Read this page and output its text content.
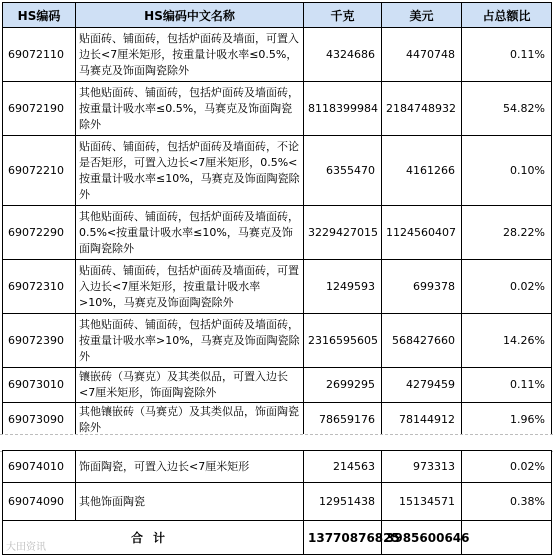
HS编码	HS编码中文名称	千克	美元	占总额比
69072110	贴面砖、铺面砖，包括炉面砖及墙面，可置入边长<7厘米矩形，按重量计吸水率≤0.5%，马赛克及饰面陶瓷除外	4324686	4470748	0.11%
69072190	其他贴面砖、铺面砖，包括炉面砖及墙面砖，按重量计吸水率≤0.5%，马赛克及饰面陶瓷除外	8118399984	2184748932	54.82%
69072210	贴面砖、铺面砖，包括炉面砖及墙面砖，不论是否矩形，可置入边长<7厘米矩形，0.5%<按重量计吸水率≤10%，马赛克及饰面陶瓷除外	6355470	4161266	0.10%
69072290	其他贴面砖、铺面砖，包括炉面砖及墙面砖，0.5%<按重量计吸水率≤10%，马赛克及饰面陶瓷除外	3229427015	1124560407	28.22%
69072310	贴面砖、铺面砖，包括炉面砖及墙面砖，可置入边长<7厘米矩形，按重量计吸水率>10%，马赛克及饰面陶瓷除外	1249593	699378	0.02%
69072390	其他贴面砖、铺面砖，包括炉面砖及墙面砖，按重量计吸水率>10%，马赛克及饰面陶瓷除外	2316595605	568427660	14.26%
69073010	镶嵌砖（马赛克）及其类似品，可置入边长<7厘米矩形，饰面陶瓷除外	2699295	4279459	0.11%
69073090	其他镶嵌砖（马赛克）及其类似品，饰面陶瓷除外	78659176	78144912	1.96%
69074010	饰面陶瓷，可置入边长<7厘米矩形	214563	973313	0.02%
69074090	其他饰面陶瓷	12951438	15134571	0.38%
合计		13770876825	3985600646	
大田资讯
